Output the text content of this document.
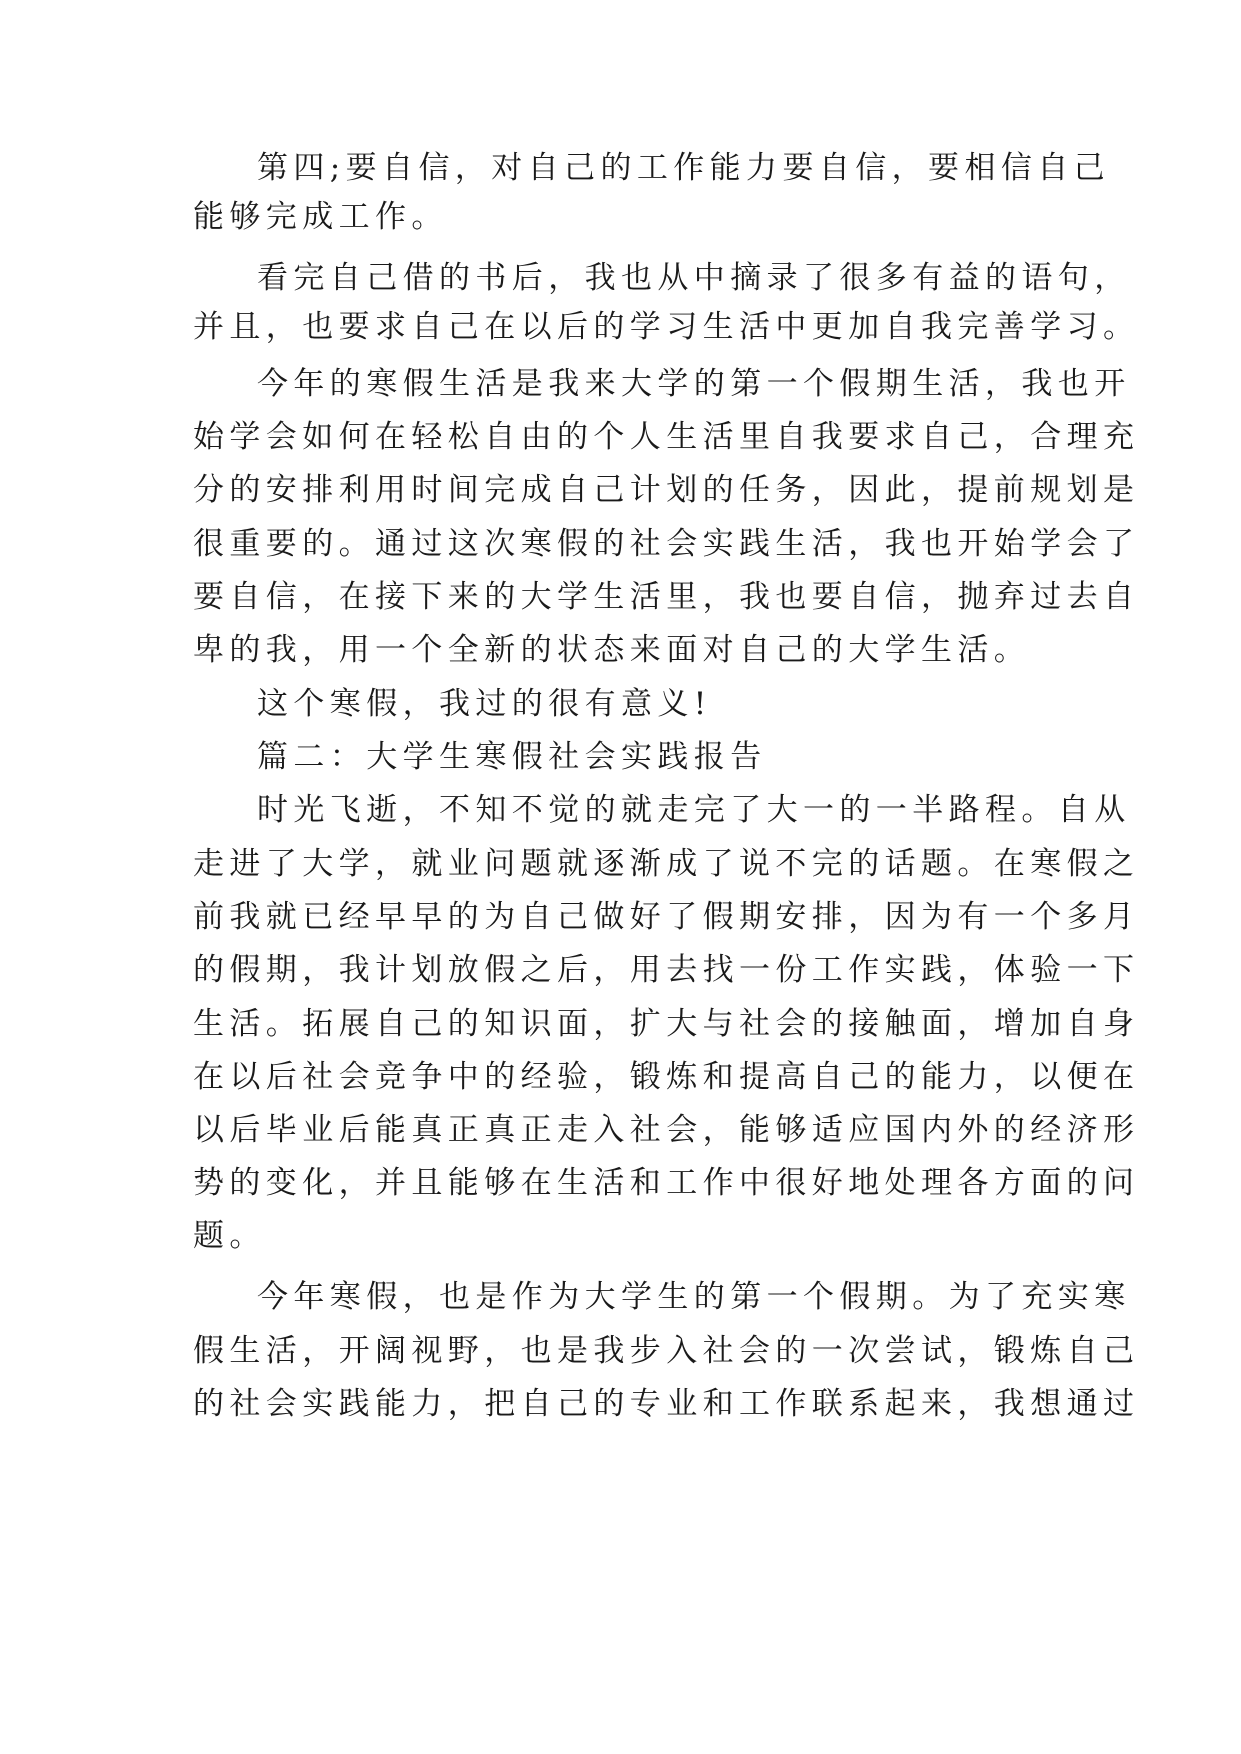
第四;要自信，对自己的工作能力要自信，要相信自己
能够完成工作。
看完自己借的书后，我也从中摘录了很多有益的语句，
并且，也要求自己在以后的学习生活中更加自我完善学习。
今年的寒假生活是我来大学的第一个假期生活，我也开
始学会如何在轻松自由的个人生活里自我要求自己，合理充
分的安排利用时间完成自己计划的任务，因此，提前规划是
很重要的。通过这次寒假的社会实践生活，我也开始学会了
要自信，在接下来的大学生活里，我也要自信，抛弃过去自
卑的我，用一个全新的状态来面对自己的大学生活。
这个寒假，我过的很有意义!
篇二：大学生寒假社会实践报告
时光飞逝，不知不觉的就走完了大一的一半路程。自从
走进了大学，就业问题就逐渐成了说不完的话题。在寒假之
前我就已经早早的为自己做好了假期安排，因为有一个多月
的假期，我计划放假之后，用去找一份工作实践，体验一下
生活。拓展自己的知识面，扩大与社会的接触面，增加自身
在以后社会竞争中的经验，锻炼和提高自己的能力，以便在
以后毕业后能真正真正走入社会，能够适应国内外的经济形
势的变化，并且能够在生活和工作中很好地处理各方面的问
题。
今年寒假，也是作为大学生的第一个假期。为了充实寒
假生活，开阔视野，也是我步入社会的一次尝试，锻炼自己
的社会实践能力，把自己的专业和工作联系起来，我想通过
